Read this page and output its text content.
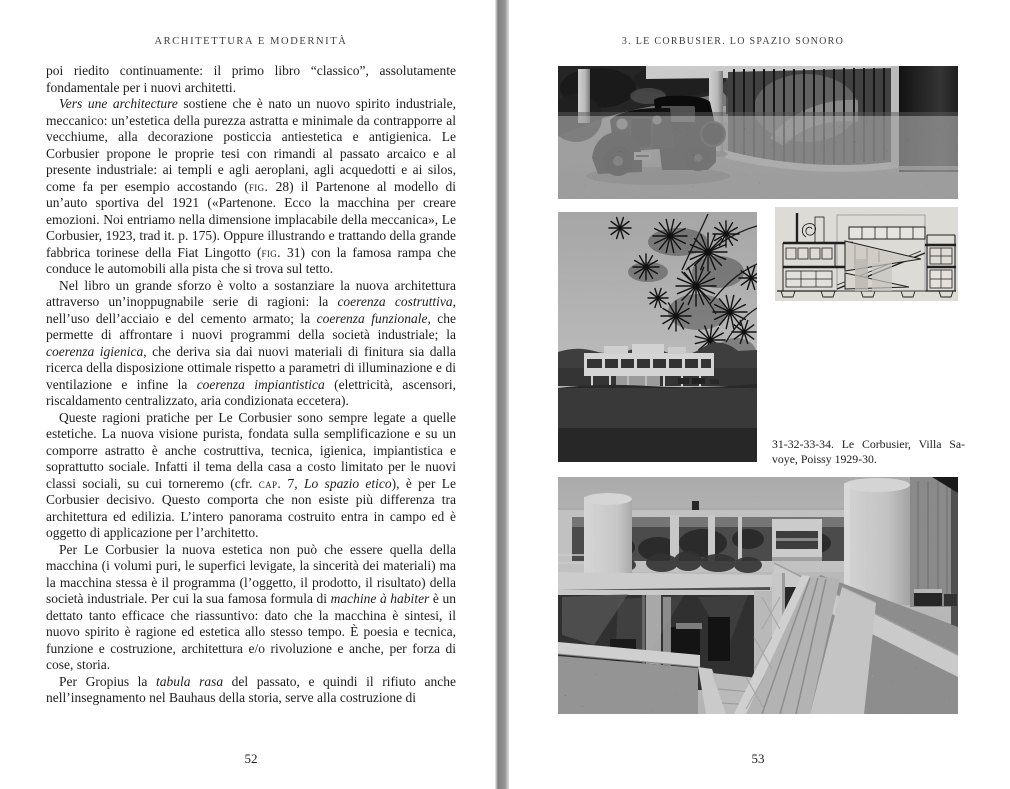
ARCHITETTURA E MODERNITÀ

poi riedito continuamente: il primo libro “classico”, assolutamente fondamentale per i nuovi architetti.

Vers une architecture sostiene che è nato un nuovo spirito industriale, meccanico: un’estetica della purezza astratta e minimale da contrapporre al vecchiume, alla decorazione posticcia antiestetica e antigienica. Le Corbusier propone le proprie tesi con rimandi al passato arcaico e al presente industriale: ai templi e agli aeroplani, agli acquedotti e ai silos, come fa per esempio accostando (fig. 28) il Partenone al modello di un’auto sportiva del 1921 («Partenone. Ecco la macchina per creare emozioni. Noi entriamo nella dimensione implacabile della meccanica», Le Corbusier, 1923, trad it. p. 175). Oppure illustrando e trattando della grande fabbrica torinese della Fiat Lingotto (fig. 31) con la famosa rampa che conduce le automobili alla pista che si trova sul tetto.

Nel libro un grande sforzo è volto a sostanziare la nuova architettura attraverso un’inoppugnabile serie di ragioni: la coerenza costruttiva, nell’uso dell’acciaio e del cemento armato; la coerenza funzionale, che permette di affrontare i nuovi programmi della società industriale; la coerenza igienica, che deriva sia dai nuovi materiali di finitura sia dalla ricerca della disposizione ottimale rispetto a parametri di illuminazione e di ventilazione e infine la coerenza impiantistica (elettricità, ascensori, riscaldamento centralizzato, aria condizionata eccetera).

Queste ragioni pratiche per Le Corbusier sono sempre legate a quelle estetiche. La nuova visione purista, fondata sulla semplificazione e su un comporre astratto è anche costruttiva, tecnica, igienica, impiantistica e soprattutto sociale. Infatti il tema della casa a costo limitato per le nuovi classi sociali, su cui torneremo (cfr. cap. 7, Lo spazio etico), è per Le Corbusier decisivo. Questo comporta che non esiste più differenza tra architettura ed edilizia. L’intero panorama costruito entra in campo ed è oggetto di applicazione per l’architetto.

Per Le Corbusier la nuova estetica non può che essere quella della macchina (i volumi puri, le superfici levigate, la sincerità dei materiali) ma la macchina stessa è il programma (l’oggetto, il prodotto, il risultato) della società industriale. Per cui la sua famosa formula di machine à habiter è un dettato tanto efficace che riassuntivo: dato che la macchina è sintesi, il nuovo spirito è ragione ed estetica allo stesso tempo. È poesia e tecnica, funzione e costruzione, architettura e/o rivoluzione e anche, per forza di cose, storia.

Per Gropius la tabula rasa del passato, e quindi il rifiuto anche nell’insegnamento nel Bauhaus della storia, serve alla costruzione di

52
3. LE CORBUSIER. LO SPAZIO SONORO
31-32-33-34. Le Corbusier, Villa Sa-
voye, Poissy 1929-30.
53
